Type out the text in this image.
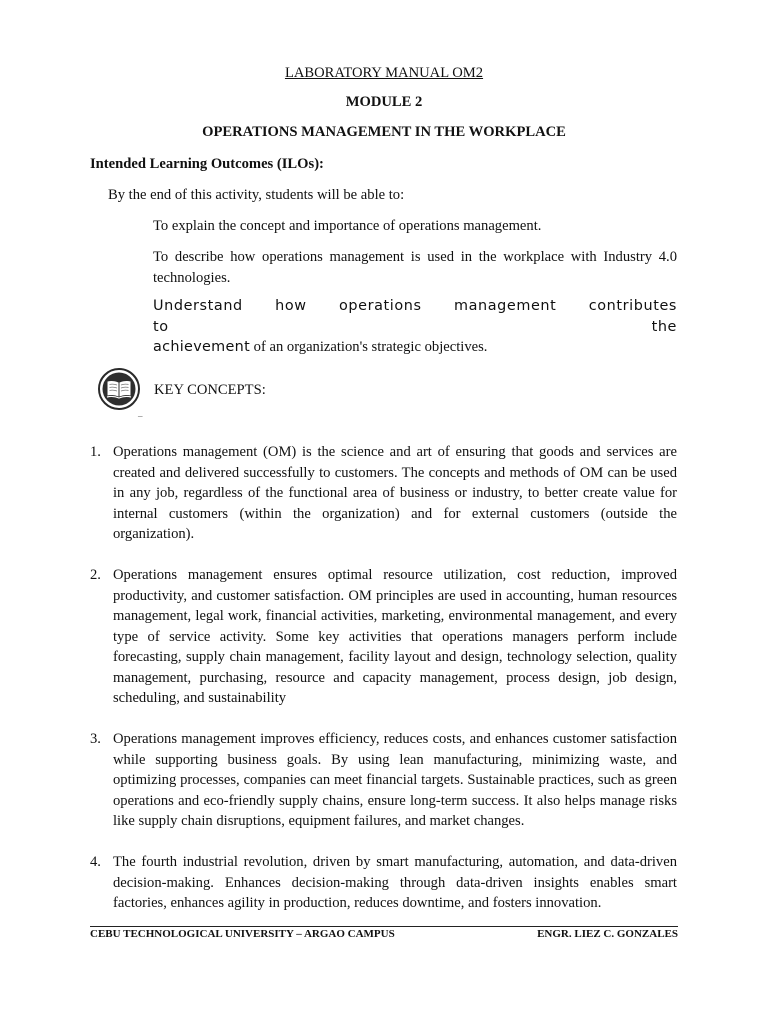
LABORATORY MANUAL OM2
MODULE 2
OPERATIONS MANAGEMENT IN THE WORKPLACE
Intended Learning Outcomes (ILOs):
By the end of this activity, students will be able to:
To explain the concept and importance of operations management.
To describe how operations management is used in the workplace with Industry 4.0 technologies.
Understand how operations management contributes to the
achievement of an organization's strategic objectives.
_
KEY CONCEPTS:
1. Operations management (OM) is the science and art of ensuring that goods and services are created and delivered successfully to customers. The concepts and methods of OM can be used in any job, regardless of the functional area of business or industry, to better create value for internal customers (within the organization) and for external customers (outside the organization).
2. Operations management ensures optimal resource utilization, cost reduction, improved productivity, and customer satisfaction. OM principles are used in accounting, human resources management, legal work, financial activities, marketing, environmental management, and every type of service activity. Some key activities that operations managers perform include forecasting, supply chain management, facility layout and design, technology selection, quality management, purchasing, resource and capacity management, process design, job design, scheduling, and sustainability
3. Operations management improves efficiency, reduces costs, and enhances customer satisfaction while supporting business goals. By using lean manufacturing, minimizing waste, and optimizing processes, companies can meet financial targets. Sustainable practices, such as green operations and eco-friendly supply chains, ensure long-term success. It also helps manage risks like supply chain disruptions, equipment failures, and market changes.
4. The fourth industrial revolution, driven by smart manufacturing, automation, and data-driven decision-making. Enhances decision-making through data-driven insights enables smart factories, enhances agility in production, reduces downtime, and fosters innovation.
CEBU TECHNOLOGICAL UNIVERSITY – ARGAO CAMPUS	ENGR. LIEZ C. GONZALES
